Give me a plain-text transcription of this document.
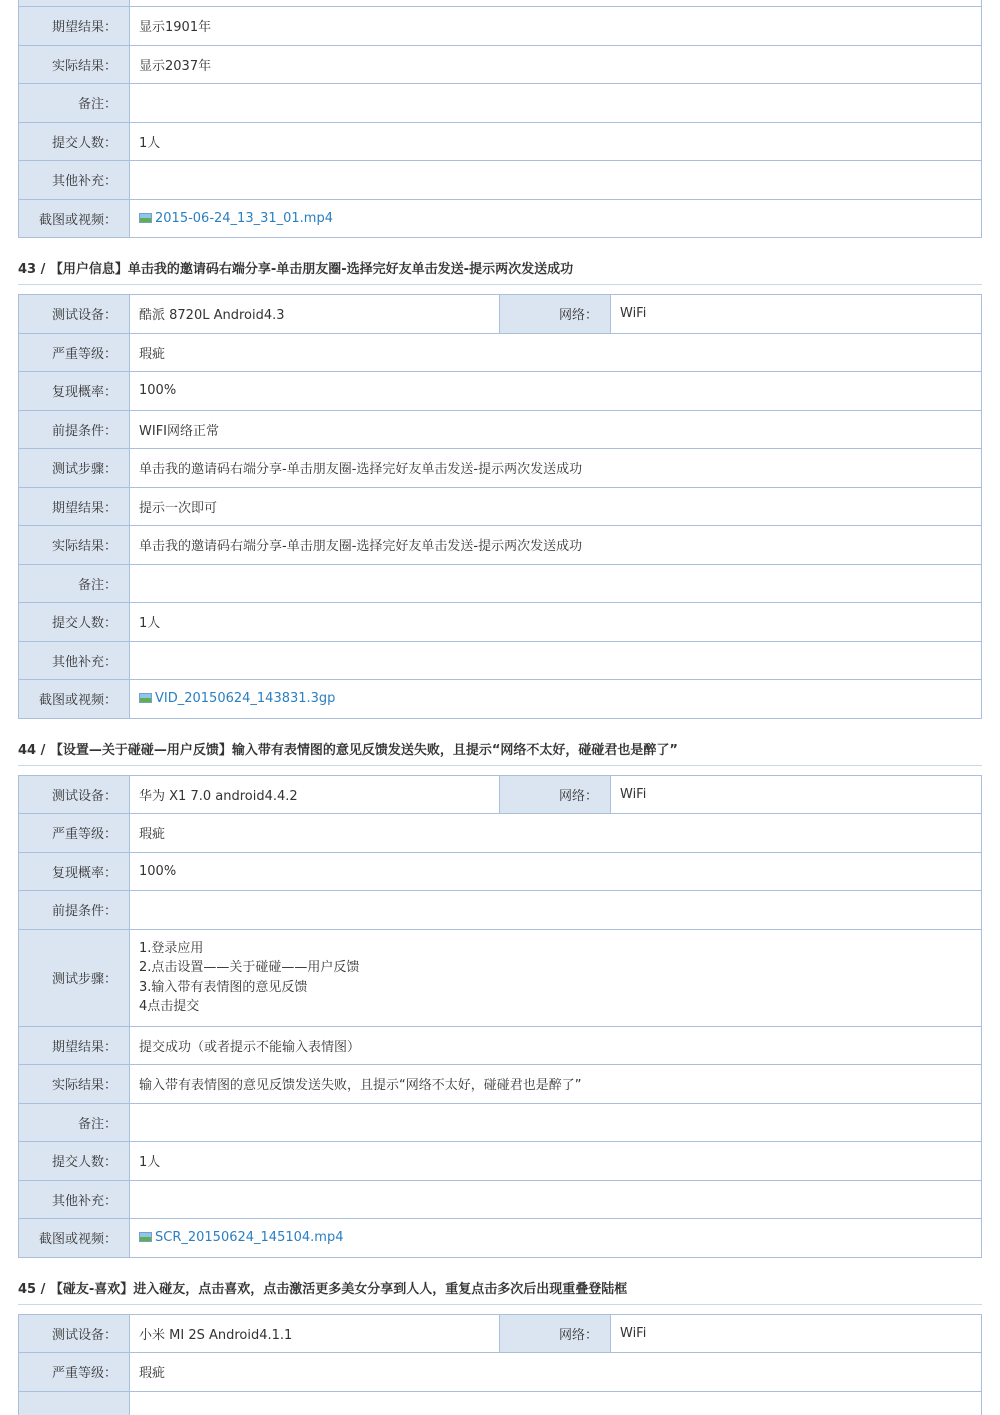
期望结果：	显示1901年
实际结果：	显示2037年
备注：	
提交人数：	1人
其他补充：	
截图或视频：	2015-06-24_13_31_01.mp4
43 / 【用户信息】单击我的邀请码右端分享-单击朋友圈-选择完好友单击发送-提示两次发送成功
测试设备：	酷派 8720L Android4.3	网络：	WiFi
严重等级：	瑕疵		
复现概率：	100%		
前提条件：	WIFI网络正常		
测试步骤：	单击我的邀请码右端分享-单击朋友圈-选择完好友单击发送-提示两次发送成功		
期望结果：	提示一次即可		
实际结果：	单击我的邀请码右端分享-单击朋友圈-选择完好友单击发送-提示两次发送成功		
备注：			
提交人数：	1人		
其他补充：			
截图或视频：	VID_20150624_143831.3gp		
44 / 【设置—关于碰碰—用户反馈】输入带有表情图的意见反馈发送失败，且提示“网络不太好，碰碰君也是醉了”
测试设备：	华为 X1 7.0 android4.4.2	网络：	WiFi
严重等级：	瑕疵		
复现概率：	100%		
前提条件：			
测试步骤：	1.登录应用
2.点击设置——关于碰碰——用户反馈
3.输入带有表情图的意见反馈
4点击提交		

期望结果：	提交成功（或者提示不能输入表情图）		
实际结果：	输入带有表情图的意见反馈发送失败，且提示“网络不太好，碰碰君也是醉了”		
备注：			
提交人数：	1人		
其他补充：			
截图或视频：	SCR_20150624_145104.mp4		
45 / 【碰友-喜欢】进入碰友，点击喜欢，点击激活更多美女分享到人人，重复点击多次后出现重叠登陆框
测试设备：	小米 MI 2S Android4.1.1	网络：	WiFi
严重等级：	瑕疵		
